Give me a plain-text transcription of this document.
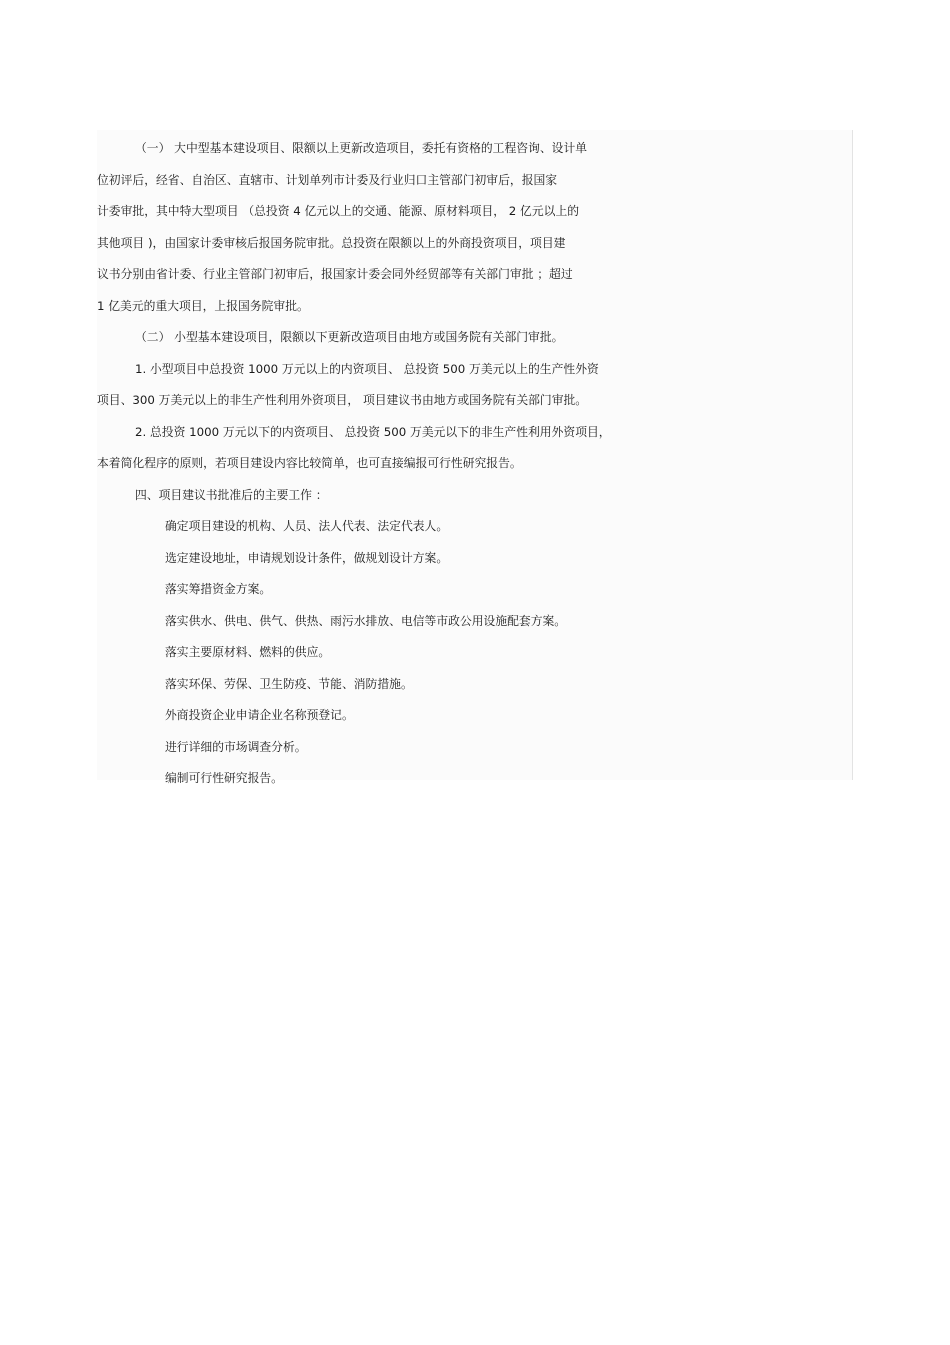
（一） 大中型基本建设项目、限额以上更新改造项目，委托有资格的工程咨询、设计单
位初评后，经省、自治区、直辖市、计划单列市计委及行业归口主管部门初审后，报国家
计委审批，其中特大型项目 （总投资 4 亿元以上的交通、能源、原材料项目， 2 亿元以上的
其他项目 )，由国家计委审核后报国务院审批。总投资在限额以上的外商投资项目，项目建
议书分别由省计委、行业主管部门初审后，报国家计委会同外经贸部等有关部门审批 ；超过
1 亿美元的重大项目，上报国务院审批。
（二） 小型基本建设项目，限额以下更新改造项目由地方或国务院有关部门审批。
1. 小型项目中总投资 1000 万元以上的内资项目、 总投资 500 万美元以上的生产性外资
项目、300 万美元以上的非生产性利用外资项目， 项目建议书由地方或国务院有关部门审批。
2. 总投资 1000 万元以下的内资项目、 总投资 500 万美元以下的非生产性利用外资项目，
本着简化程序的原则，若项目建设内容比较简单，也可直接编报可行性研究报告。
四、项目建议书批准后的主要工作 ：
确定项目建设的机构、人员、法人代表、法定代表人。
选定建设地址，申请规划设计条件，做规划设计方案。
落实筹措资金方案。
落实供水、供电、供气、供热、雨污水排放、电信等市政公用设施配套方案。
落实主要原材料、燃料的供应。
落实环保、劳保、卫生防疫、节能、消防措施。
外商投资企业申请企业名称预登记。
进行详细的市场调查分析。
编制可行性研究报告。
